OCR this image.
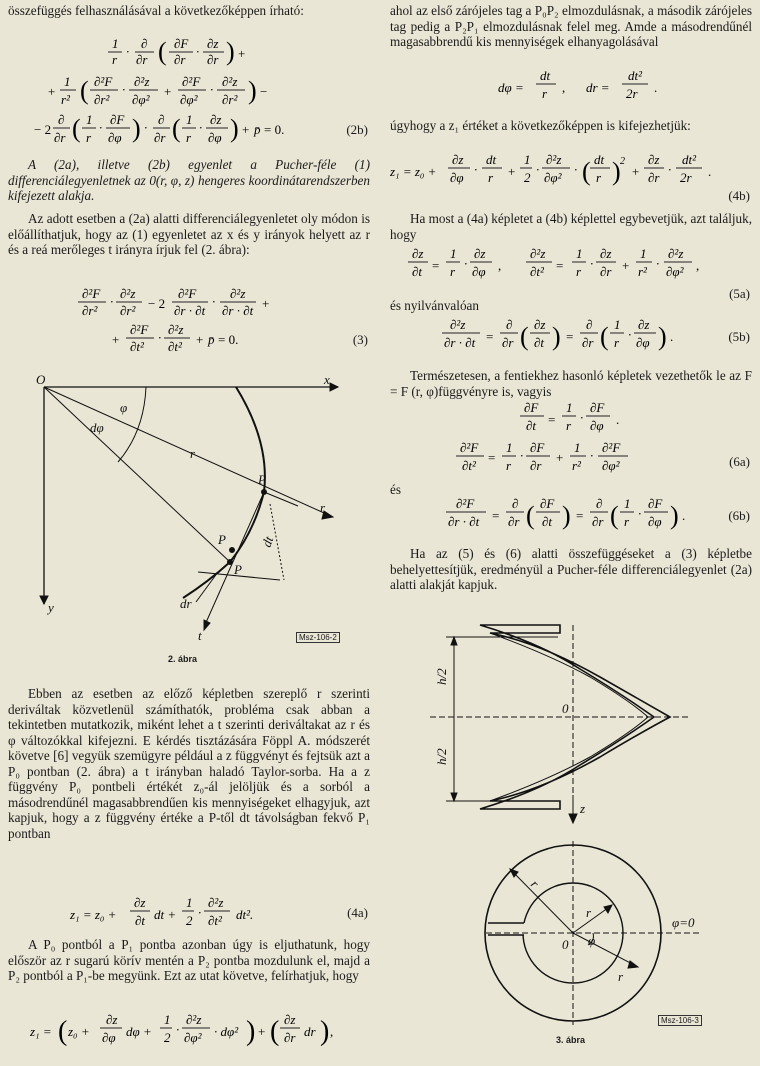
összefüggés felhasználásával a következőképpen írható:

1
r
·
∂
∂r ( ∂F
∂r
·
∂z
∂r ) +
+
1
r² ( ∂²F
∂r²
·
∂²z
∂φ²
+
∂²F
∂φ²
·
∂²z
∂r² ) −
− 2
∂
∂r ( 1
r
·
∂F
∂φ ) ·
∂
∂r ( 1
r
·
∂z
∂φ ) + p̄ = 0.	(2b)

A (2a), illetve (2b) egyenlet a Pucher-féle (1) differenciálegyenletnek az 0(r, φ, z) hengeres koordinátarendszerben kifejezett alakja.

Az adott esetben a (2a) alatti differenciálegyenletet oly módon is előállíthatjuk, hogy az (1) egyenletet az x és y irányok helyett az r és a reá merőleges t irányra írjuk fel (2. ábra):

∂²F
∂r²
·
∂²z
∂r² − 2
∂²F
∂r · ∂t
·
∂²z
∂r · ∂t +
+
∂²F
∂t²
·
∂²z
∂t² + p̄ = 0.	(3)
O	x
y
φ
dφ
r
r
P
P
P
dt
dr
t	Msz-106-2
2. ábra

Ebben az esetben az előző képletben szereplő r szerinti deriváltak közvetlenül számíthatók, probléma csak abban a tekintetben mutatkozik, miként lehet a t szerinti deriváltakat az r és φ változókkal kifejezni. E kérdés tisztázására Föppl A. módszerét követve [6] vegyük szemügyre például a z függvényt és fejtsük azt a P₀ pontban (2. ábra) a t irányban haladó Taylor-sorba. Ha a z függvény P₀ pontbeli értékét z₀-ál jelöljük és a sorból a másodrendűnél magasabbrendűen kis mennyiségeket elhagyjuk, azt kapjuk, hogy a z függvény értéke a P-től dt távolságban fekvő P₁ pontban

z₁ = z₀ +
∂z
∂t dt +
1
2
·
∂²z
∂t² dt².	(4a)

A P₀ pontból a P₁ pontba azonban úgy is eljuthatunk, hogy először az r sugarú körív mentén a P₂ pontba mozdulunk el, majd a P₂ pontból a P₁-be megyünk. Ezt az utat követve, felírhatjuk, hogy

z₁ = ( z₀ +
∂z
∂φ dφ +
1
2
·
∂²z
∂φ² · dφ² ) + ( ∂z
∂r dr ) ,

ahol az első zárójeles tag a P₀P₂ elmozdulásnak, a második zárójeles tag pedig a P₂P₁ elmozdulásnak felel meg. Amde a másodrendűnél magasabbrendű kis mennyiségek elhanyagolásával

dφ =
dt
r , dr =
dt²
2r .

úgyhogy a z₁ értéket a következőképpen is kifejezhetjük:

z₁ = z₀ +
∂z
∂φ
·
dt
r +
1
2
·
∂²z
∂φ²
· ( dt
r ) 2
+
∂z
∂r
·
dt²
2r .
(4b)

Ha most a (4a) képletet a (4b) képlettel egybevetjük, azt találjuk, hogy

∂z
∂t =
1
r
·
∂z
∂φ ,
∂²z
∂t² =
1
r
·
∂z
∂r +
1
r²
·
∂²z
∂φ² ,
(5a)

és nyilvánvalóan

∂²z
∂r · ∂t =
∂
∂r ( ∂z
∂t ) =
∂
∂r ( 1
r
·
∂z
∂φ ) .	(5b)

Természetesen, a fentiekhez hasonló képletek vezethetők le az F = F (r, φ)függvényre is, vagyis

∂F
∂t =
1
r
·
∂F
∂φ .
∂²F
∂t²
=
1
r
·
∂F
∂r
+
1
r²
·
∂²F
∂φ²	(6a)

és

∂²F
∂r · ∂t =
∂
∂r ( ∂F
∂t ) =
∂
∂r ( 1
r
·
∂F
∂φ ) .	(6b)

Ha az (5) és (6) alatti összefüggéseket a (3) képletbe behelyettesítjük, eredményül a Pucher-féle differenciálegyenlet (2a) alatti alakját kapjuk.

h/2
h/2
0
z
r
r
r
0 φ
φ=0
Msz-106-3
3. ábra
